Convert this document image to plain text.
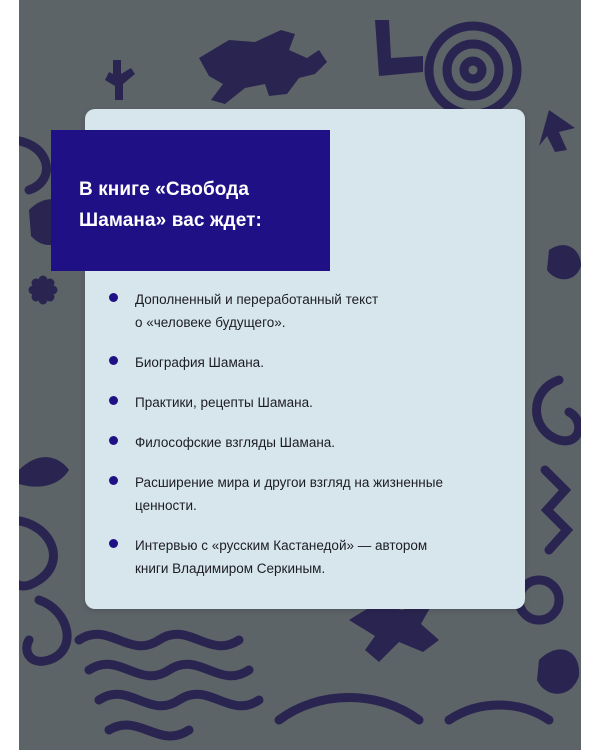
В книге «Свобода
Шамана» вас ждет:
Дополненный и переработанный текст
о «человеке будущего».
Биография Шамана.
Практики, рецепты Шамана.
Философские взгляды Шамана.
Расширение мира и другои взгляд на жизненные
ценности.
Интервью с «русским Кастанедой» — автором
книги Владимиром Серкиным.
